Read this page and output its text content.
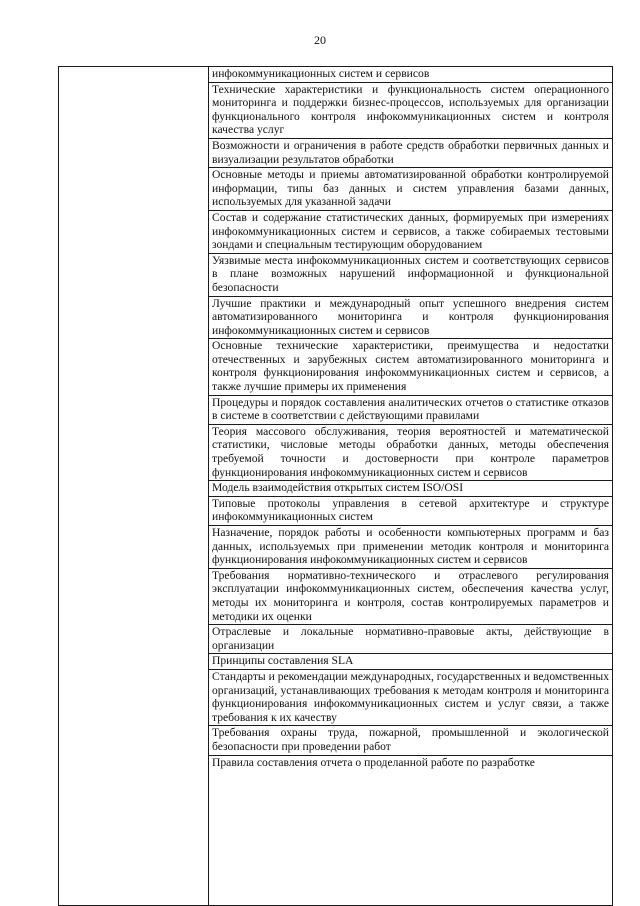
20

инфокоммуникационных систем и сервисов
Технические характеристики и функциональность систем операционного мониторинга и поддержки бизнес-процессов, используемых для организации функционального контроля инфокоммуникационных систем и контроля качества услуг
Возможности и ограничения в работе средств обработки первичных данных и визуализации результатов обработки
Основные методы и приемы автоматизированной обработки контролируемой информации, типы баз данных и систем управления базами данных, используемых для указанной задачи
Состав и содержание статистических данных, формируемых при измерениях инфокоммуникационных систем и сервисов, а также собираемых тестовыми зондами и специальным тестирующим оборудованием
Уязвимые места инфокоммуникационных систем и соответствующих сервисов в плане возможных нарушений информационной и функциональной безопасности
Лучшие практики и международный опыт успешного внедрения систем автоматизированного мониторинга и контроля функционирования инфокоммуникационных систем и сервисов
Основные технические характеристики, преимущества и недостатки отечественных и зарубежных систем автоматизированного мониторинга и контроля функционирования инфокоммуникационных систем и сервисов, а также лучшие примеры их применения
Процедуры и порядок составления аналитических отчетов о статистике отказов в системе в соответствии с действующими правилами
Теория массового обслуживания, теория вероятностей и математической статистики, числовые методы обработки данных, методы обеспечения требуемой точности и достоверности при контроле параметров функционирования инфокоммуникационных систем и сервисов
Модель взаимодействия открытых систем ISO/OSI
Типовые протоколы управления в сетевой архитектуре и структуре инфокоммуникационных систем
Назначение, порядок работы и особенности компьютерных программ и баз данных, используемых при применении методик контроля и мониторинга функционирования инфокоммуникационных систем и сервисов
Требования нормативно-технического и отраслевого регулирования эксплуатации инфокоммуникационных систем, обеспечения качества услуг, методы их мониторинга и контроля, состав контролируемых параметров и методики их оценки
Отраслевые и локальные нормативно-правовые акты, действующие в организации
Принципы составления SLA
Стандарты и рекомендации международных, государственных и ведомственных организаций, устанавливающих требования к методам контроля и мониторинга функционирования инфокоммуникационных систем и услуг связи, а также требования к их качеству
Требования охраны труда, пожарной, промышленной и экологической безопасности при проведении работ
Правила составления отчета о проделанной работе по разработке
